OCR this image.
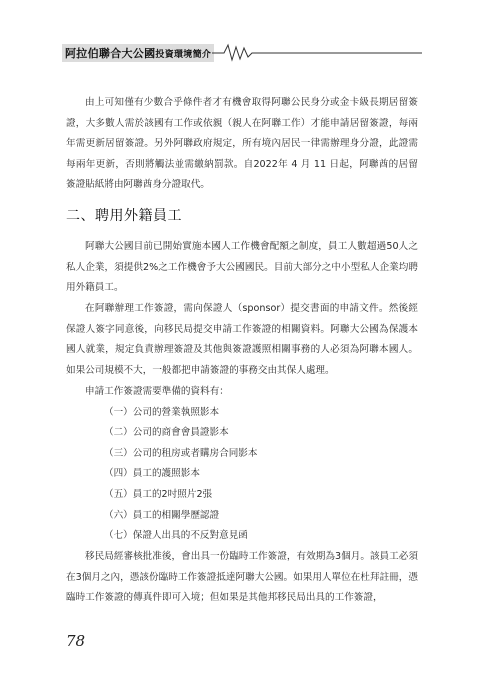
阿拉伯聯合大公國投資環境簡介

由上可知僅有少數合乎條件者才有機會取得阿聯公民身分或金卡級長期居留簽證，大多數人需於該國有工作或依親（親人在阿聯工作）才能申請居留簽證，每兩年需更新居留簽證。另外阿聯政府規定，所有境內居民一律需辦理身分證，此證需每兩年更新，否則將觸法並需繳納罰款。自2022年 4 月 11 日起，阿聯酋的居留簽證貼紙將由阿聯酋身分證取代。

二、聘用外籍員工

阿聯大公國目前已開始實施本國人工作機會配額之制度，員工人數超過50人之私人企業，須提供2%之工作機會予大公國國民。目前大部分之中小型私人企業均聘用外籍員工。

在阿聯辦理工作簽證，需向保證人（sponsor）提交書面的申請文件。然後經保證人簽字同意後，向移民局提交申請工作簽證的相關資料。阿聯大公國為保護本國人就業，規定負責辦理簽證及其他與簽證護照相關事務的人必須為阿聯本國人。如果公司規模不大，一般都把申請簽證的事務交由其保人處理。

申請工作簽證需要準備的資料有：

（一）公司的營業執照影本

（二）公司的商會會員證影本

（三）公司的租房或者購房合同影本

（四）員工的護照影本

（五）員工的2吋照片2張

（六）員工的相關學歷認證

（七）保證人出具的不反對意見函

移民局經審核批准後，會出具一份臨時工作簽證，有效期為3個月。該員工必須在3個月之內，憑該份臨時工作簽證抵達阿聯大公國。如果用人單位在杜拜註冊，憑臨時工作簽證的傳真件即可入境；但如果是其他邦移民局出具的工作簽證，

78
